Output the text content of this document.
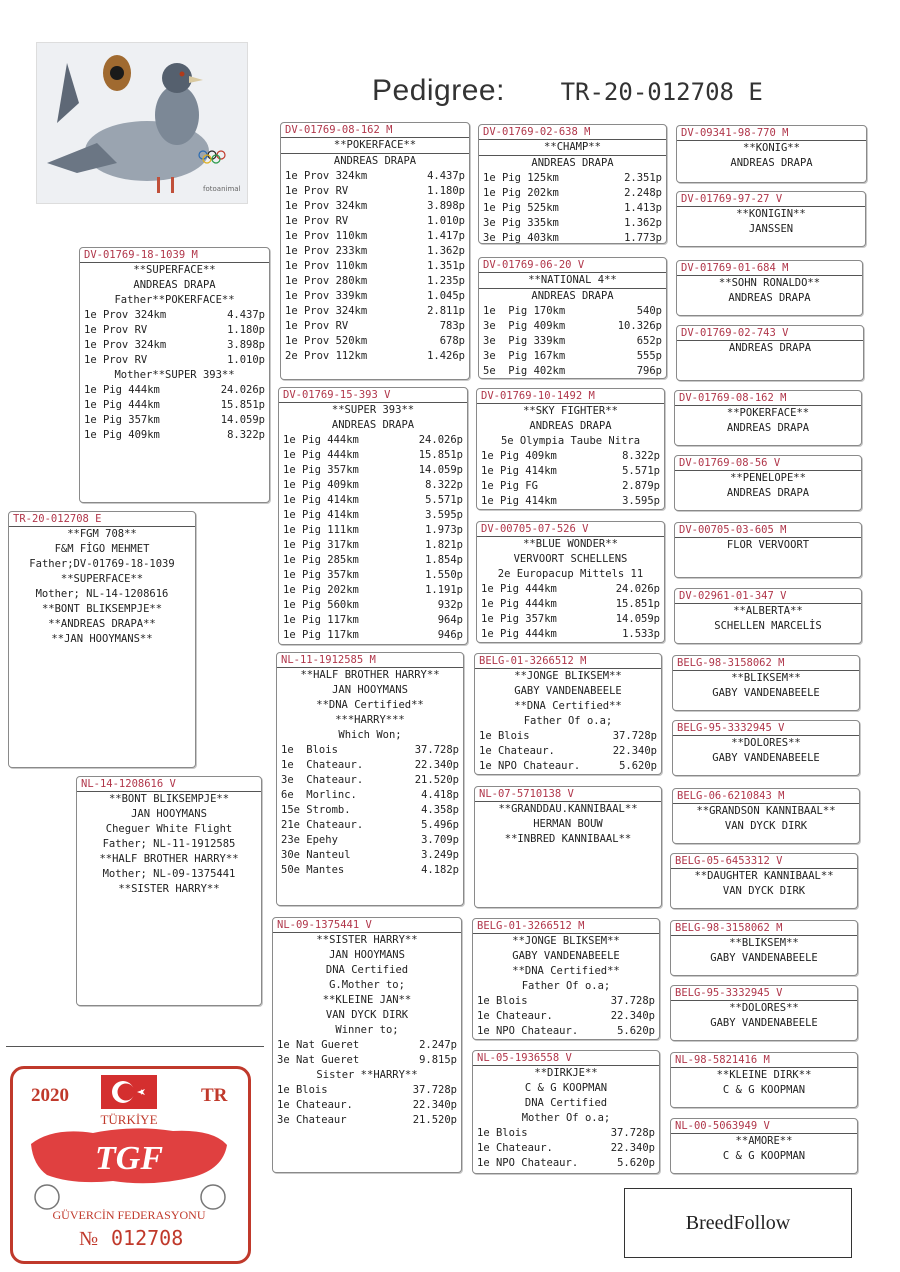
Pedigree: TR-20-012708 E
fotoanimal
TR-20-012708 E
**FGM 708**
F&M FİGO MEHMET
Father;DV-01769-18-1039
**SUPERFACE**
Mother; NL-14-1208616
**BONT BLIKSEMPJE**
**ANDREAS DRAPA**
**JAN HOOYMANS**
DV-01769-18-1039 M
**SUPERFACE**
ANDREAS DRAPA
Father**POKERFACE**
1e Prov 324km	4.437p
1e Prov RV	1.180p
1e Prov 324km	3.898p
1e Prov RV	1.010p
Mother**SUPER 393**
1e Pig 444km	24.026p
1e Pig 444km	15.851p
1e Pig 357km	14.059p
1e Pig 409km	8.322p
NL-14-1208616 V
**BONT BLIKSEMPJE**
JAN HOOYMANS
Cheguer White Flight
Father; NL-11-1912585
**HALF BROTHER HARRY**
Mother; NL-09-1375441
**SISTER HARRY**
DV-01769-08-162 M
**POKERFACE**
ANDREAS DRAPA
1e Prov 324km	4.437p
1e Prov RV	1.180p
1e Prov 324km	3.898p
1e Prov RV	1.010p
1e Prov 110km	1.417p
1e Prov 233km	1.362p
1e Prov 110km	1.351p
1e Prov 280km	1.235p
1e Prov 339km	1.045p
1e Prov 324km	2.811p
1e Prov RV	783p
1e Prov 520km	678p
2e Prov 112km	1.426p
DV-01769-15-393 V
**SUPER 393**
ANDREAS DRAPA
1e Pig 444km	24.026p
1e Pig 444km	15.851p
1e Pig 357km	14.059p
1e Pig 409km	8.322p
1e Pig 414km	5.571p
1e Pig 414km	3.595p
1e Pig 111km	1.973p
1e Pig 317km	1.821p
1e Pig 285km	1.854p
1e Pig 357km	1.550p
1e Pig 202km	1.191p
1e Pig 560km	932p
1e Pig 117km	964p
1e Pig 117km	946p
NL-11-1912585 M
**HALF BROTHER HARRY**
JAN HOOYMANS
**DNA Certified**
***HARRY***
Which Won;
1e  Blois	37.728p
1e  Chateaur.	22.340p
3e  Chateaur.	21.520p
6e  Morlinc.	4.418p
15e Stromb.	4.358p
21e Chateaur.	5.496p
23e Epehy	3.709p
30e Nanteul	3.249p
50e Mantes	4.182p
NL-09-1375441 V
**SISTER HARRY**
JAN HOOYMANS
DNA Certified
G.Mother to;
**KLEINE JAN**
VAN DYCK DIRK
Winner to;
1e Nat Gueret	2.247p
3e Nat Gueret	9.815p
Sister **HARRY**
1e Blois	37.728p
1e Chateaur.	22.340p
3e Chateaur	21.520p
DV-01769-02-638 M
**CHAMP**
ANDREAS DRAPA
1e Pig 125km	2.351p
1e Pig 202km	2.248p
1e Pig 525km	1.413p
3e Pig 335km	1.362p
3e Pig 403km	1.773p
DV-01769-06-20 V
**NATIONAL 4**
ANDREAS DRAPA
1e  Pig 170km	540p
3e  Pig 409km	10.326p
3e  Pig 339km	652p
3e  Pig 167km	555p
5e  Pig 402km	796p
DV-01769-10-1492 M
**SKY FIGHTER**
ANDREAS DRAPA
5e Olympia Taube Nitra
1e Pig 409km	8.322p
1e Pig 414km	5.571p
1e Pig FG	2.879p
1e Pig 414km	3.595p
DV-00705-07-526 V
**BLUE WONDER**
VERVOORT SCHELLENS
2e Europacup Mittels 11
1e Pig 444km	24.026p
1e Pig 444km	15.851p
1e Pig 357km	14.059p
1e Pig 444km	1.533p
BELG-01-3266512 M
**JONGE BLIKSEM**
GABY VANDENABEELE
**DNA Certified**
Father Of o.a;
1e Blois	37.728p
1e Chateaur.	22.340p
1e NPO Chateaur.	5.620p
NL-07-5710138 V
**GRANDDAU.KANNIBAAL**
HERMAN BOUW
**INBRED KANNIBAAL**
BELG-01-3266512 M
**JONGE BLIKSEM**
GABY VANDENABEELE
**DNA Certified**
Father Of o.a;
1e Blois	37.728p
1e Chateaur.	22.340p
1e NPO Chateaur.	5.620p
NL-05-1936558 V
**DIRKJE**
C & G KOOPMAN
DNA Certified
Mother Of o.a;
1e Blois	37.728p
1e Chateaur.	22.340p
1e NPO Chateaur.	5.620p
DV-09341-98-770 M
**KONIG**
ANDREAS DRAPA
DV-01769-97-27 V
**KONIGIN**
JANSSEN
DV-01769-01-684 M
**SOHN RONALDO**
ANDREAS DRAPA
DV-01769-02-743 V
ANDREAS DRAPA
DV-01769-08-162 M
**POKERFACE**
ANDREAS DRAPA
DV-01769-08-56 V
**PENELOPE**
ANDREAS DRAPA
DV-00705-03-605 M
FLOR VERVOORT
DV-02961-01-347 V
**ALBERTA**
SCHELLEN MARCELİS
BELG-98-3158062 M
**BLIKSEM**
GABY VANDENABEELE
BELG-95-3332945 V
**DOLORES**
GABY VANDENABEELE
BELG-06-6210843 M
**GRANDSON KANNIBAAL**
VAN DYCK DIRK
BELG-05-6453312 V
**DAUGHTER KANNIBAAL**
VAN DYCK DIRK
BELG-98-3158062 M
**BLIKSEM**
GABY VANDENABEELE
BELG-95-3332945 V
**DOLORES**
GABY VANDENABEELE
NL-98-5821416 M
**KLEINE DIRK**
C & G KOOPMAN
NL-00-5063949 V
**AMORE**
C & G KOOPMAN
2020	TR
TÜRKİYE
TGF
GÜVERCİN FEDERASYONU
№ 012708
BreedFollow
